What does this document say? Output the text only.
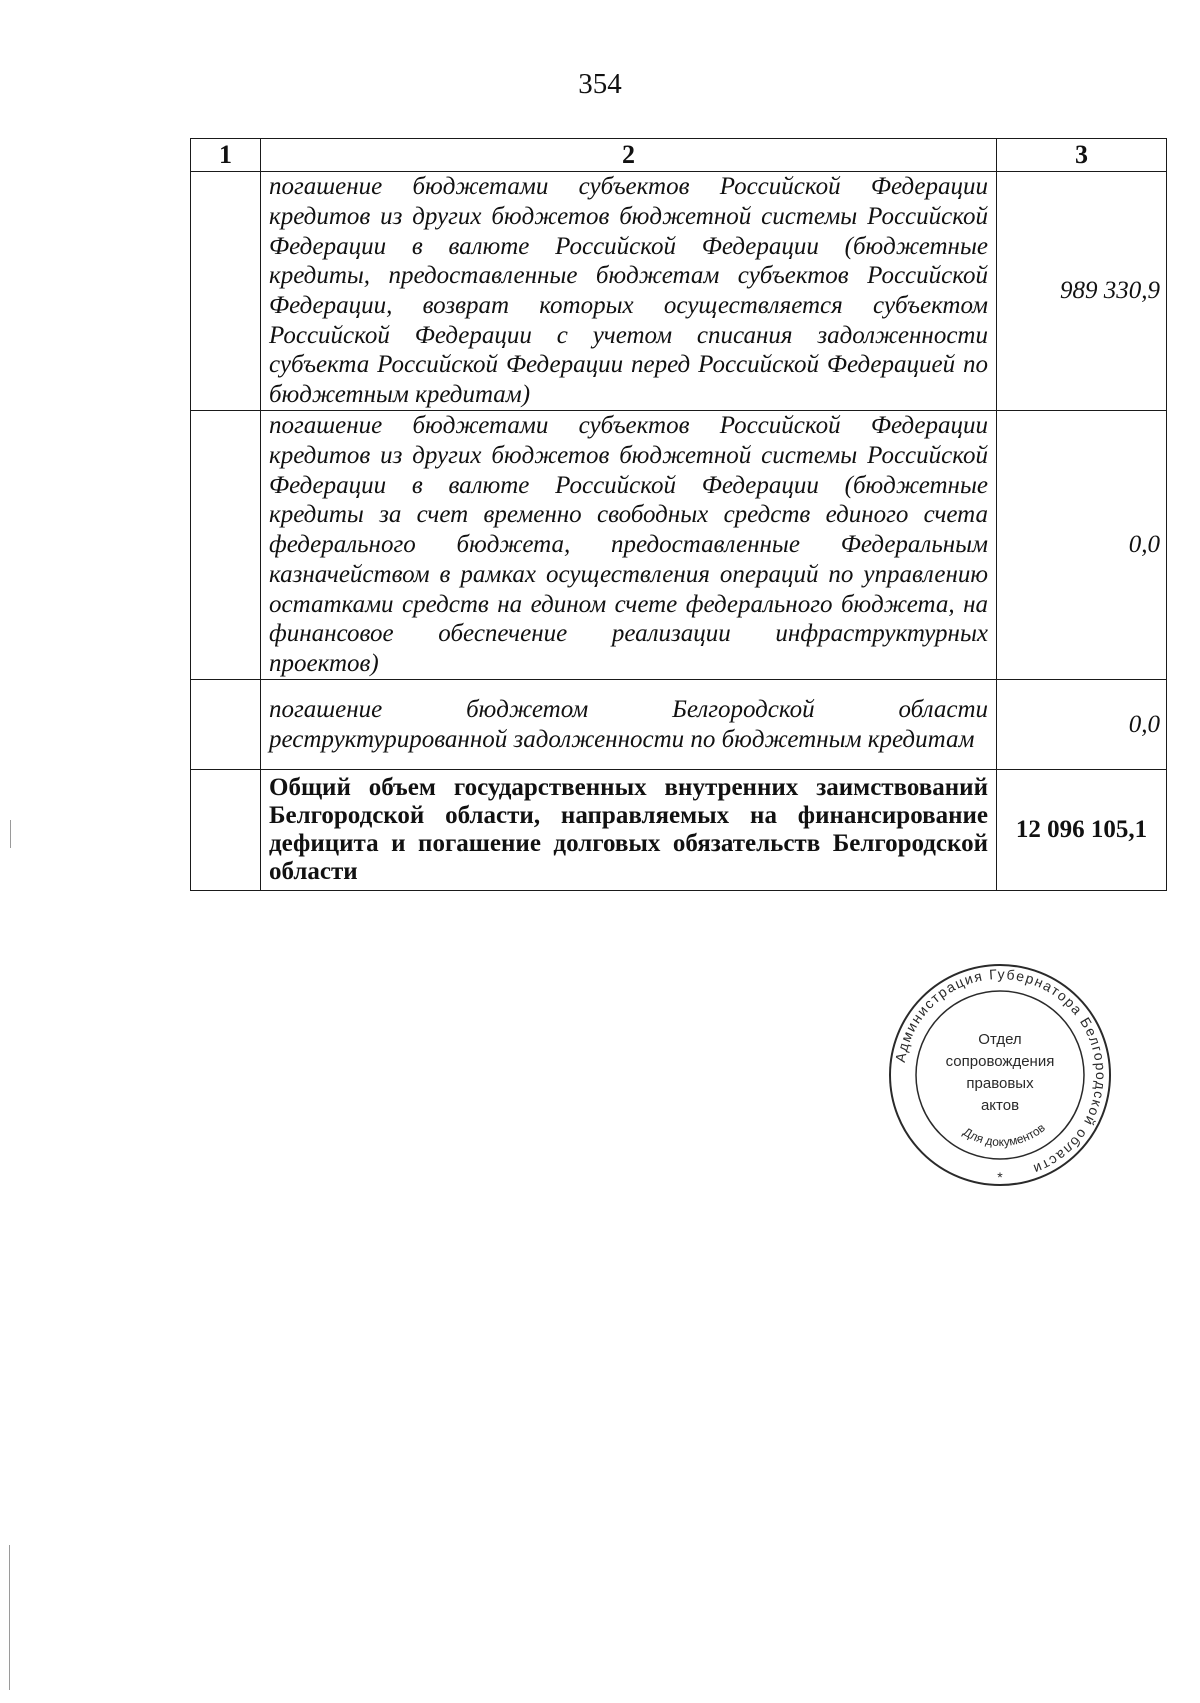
354
1	2	3
	погашение бюджетами субъектов Российской Федерации кредитов из других бюджетов бюджетной системы Российской Федерации в валюте Российской Федерации (бюджетные кредиты, предоставленные бюджетам субъектов Российской Федерации, возврат которых осуществляется субъектом Российской Федерации с учетом списания задолженности субъекта Российской Федерации перед Российской Федерацией по бюджетным кредитам)	989 330,9
	погашение бюджетами субъектов Российской Федерации кредитов из других бюджетов бюджетной системы Российской Федерации в валюте Российской Федерации (бюджетные кредиты за счет временно свободных средств единого счета федерального бюджета, предоставленные Федеральным казначейством в рамках осуществления операций по управлению остатками средств на едином счете федерального бюджета, на финансовое обеспечение реализации инфраструктурных проектов)	0,0
	погашение бюджетом Белгородской области реструктурированной задолженности по бюджетным кредитам	0,0
	Общий объем государственных внутренних заимствований Белгородской области, направляемых на финансирование дефицита и погашение долговых обязательств Белгородской области	12 096 105,1
Администрация Губернатора Белгородской области
Для документов
Отдел
сопровождения
правовых
актов
*
